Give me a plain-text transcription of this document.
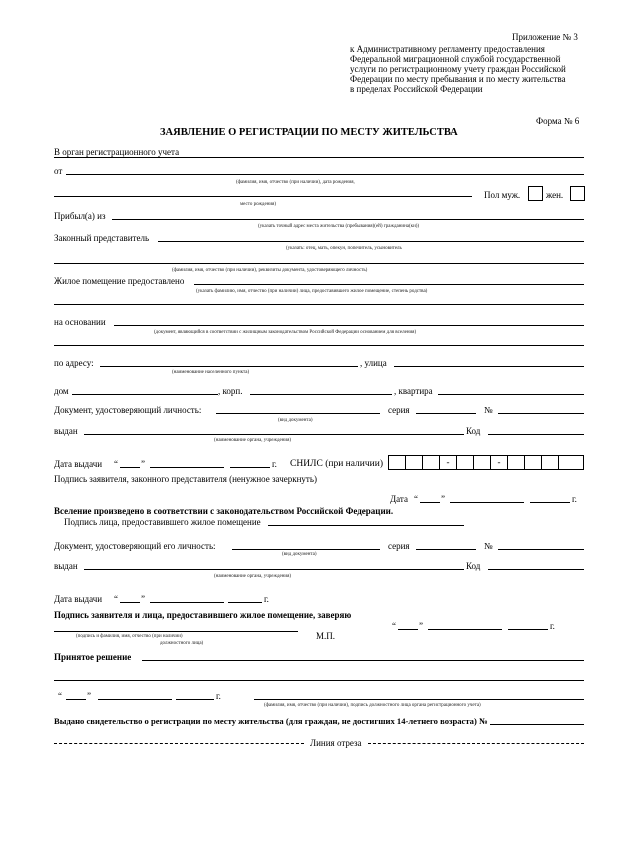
Приложение № 3
к Административному регламенту предоставления
Федеральной миграционной службой государственной
услуги по регистрационному учету граждан Российской
Федерации по месту пребывания и по месту жительства
в пределах Российской Федерации
Форма № 6
ЗАЯВЛЕНИЕ О РЕГИСТРАЦИИ ПО МЕСТУ ЖИТЕЛЬСТВА
В орган регистрационного учета
от
(фамилия, имя, отчество (при наличии), дата рождения,
Пол муж.	жен.
место рождения)
Прибыл(а) из
(указать точный адрес места жительства (пребывания)(ей) гражданина(ки))
Законный представитель
(указать: отец, мать, опекун, попечитель, усыновитель
(фамилия, имя, отчество (при наличии), реквизиты документа, удостоверяющего личность)
Жилое помещение предоставлено
(указать фамилию, имя, отчество (при наличии) лица, предоставившего жилое помещение, степень родства)
на основании
(документ, являющийся в соответствии с жилищным законодательством Российской Федерации основанием для вселения)
по адресу:	, улица
(наименование населенного пункта)
дом	, корп.	, квартира
Документ, удостоверяющий личность:	серия	№
(вид документа)
выдан	Код
(наименование органа, учреждения)
Дата выдачи “	”	г. СНИЛС (при наличии)	-	-
Подпись заявителя, законного представителя (ненужное зачеркнуть)
Дата “	”	г.
Вселение произведено в соответствии с законодательством Российской Федерации.
Подпись лица, предоставившего жилое помещение
Документ, удостоверяющий его личность:	серия	№
(вид документа)
выдан	Код
(наименование органа, учреждения)
Дата выдачи “	”	г.
Подпись заявителя и лица, предоставившего жилое помещение, заверяю
(подпись и фамилия, имя, отчество (при наличии)
должностного лица)
М.П.
“	”	г.
Принятое решение
“	”	г.
(фамилия, имя, отчество (при наличии), подпись должностного лица органа регистрационного учета)
Выдано свидетельство о регистрации по месту жительства (для граждан, не достигших 14-летнего возраста) №
Линия отреза
